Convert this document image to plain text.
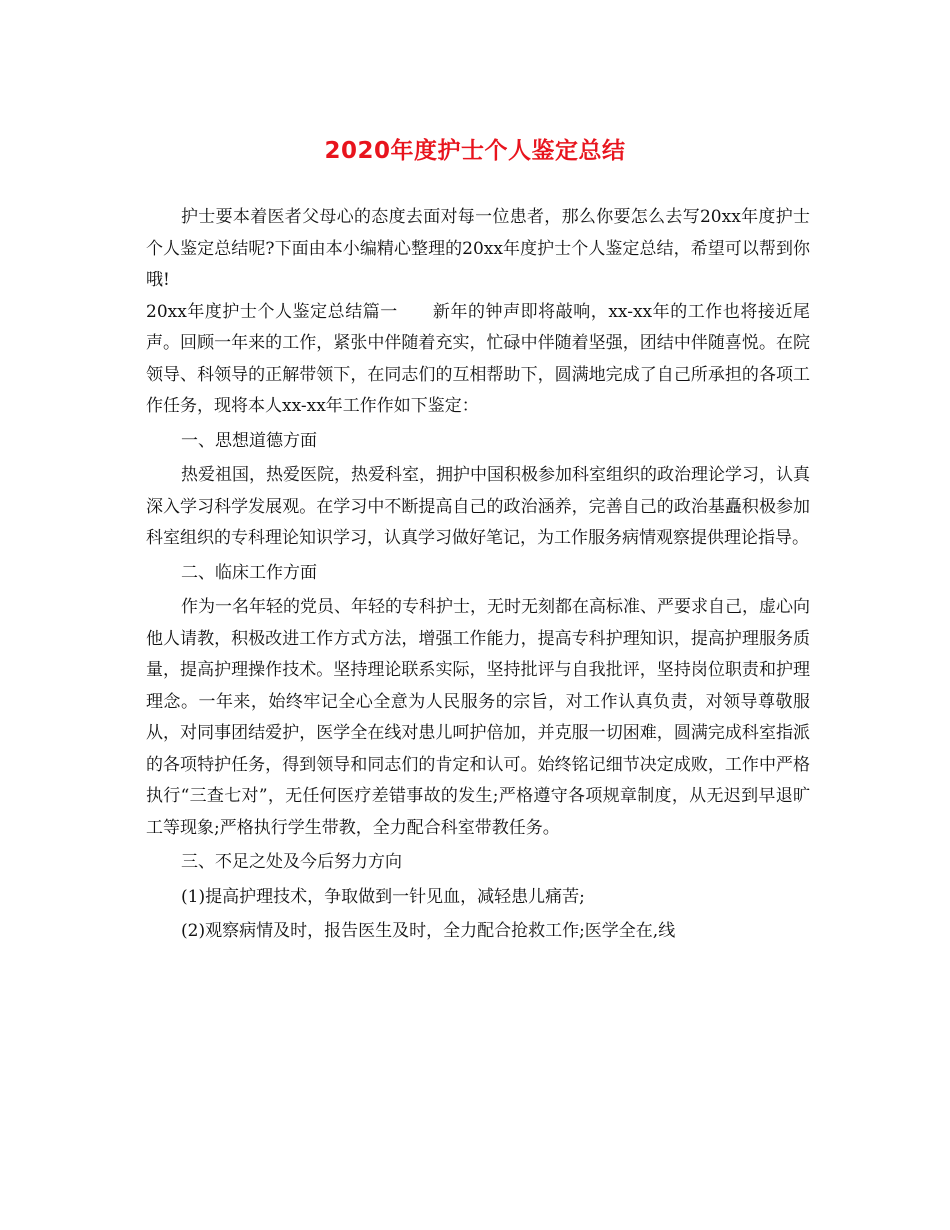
2020年度护士个人鉴定总结

护士要本着医者父母心的态度去面对每一位患者，那么你要怎么去写20xx年度护士个人鉴定总结呢?下面由本小编精心整理的20xx年度护士个人鉴定总结，希望可以帮到你哦!

20xx年度护士个人鉴定总结篇一　　新年的钟声即将敲响，xx-xx年的工作也将接近尾声。回顾一年来的工作，紧张中伴随着充实，忙碌中伴随着坚强，团结中伴随喜悦。在院领导、科领导的正解带领下，在同志们的互相帮助下，圆满地完成了自己所承担的各项工作任务，现将本人xx-xx年工作作如下鉴定：

一、思想道德方面

热爱祖国，热爱医院，热爱科室，拥护中国积极参加科室组织的政治理论学习，认真深入学习科学发展观。在学习中不断提高自己的政治涵养，完善自己的政治基矗积极参加科室组织的专科理论知识学习，认真学习做好笔记，为工作服务病情观察提供理论指导。

二、临床工作方面

作为一名年轻的党员、年轻的专科护士，无时无刻都在高标准、严要求自己，虚心向他人请教，积极改进工作方式方法，增强工作能力，提高专科护理知识，提高护理服务质量，提高护理操作技术。坚持理论联系实际，坚持批评与自我批评，坚持岗位职责和护理理念。一年来，始终牢记全心全意为人民服务的宗旨，对工作认真负责，对领导尊敬服从，对同事团结爱护，医学全在线对患儿呵护倍加，并克服一切困难，圆满完成科室指派的各项特护任务，得到领导和同志们的肯定和认可。始终铭记细节决定成败，工作中严格执行“三查七对”，无任何医疗差错事故的发生;严格遵守各项规章制度，从无迟到早退旷工等现象;严格执行学生带教，全力配合科室带教任务。

三、不足之处及今后努力方向

(1)提高护理技术，争取做到一针见血，减轻患儿痛苦;

(2)观察病情及时，报告医生及时，全力配合抢救工作;医学全在,线
